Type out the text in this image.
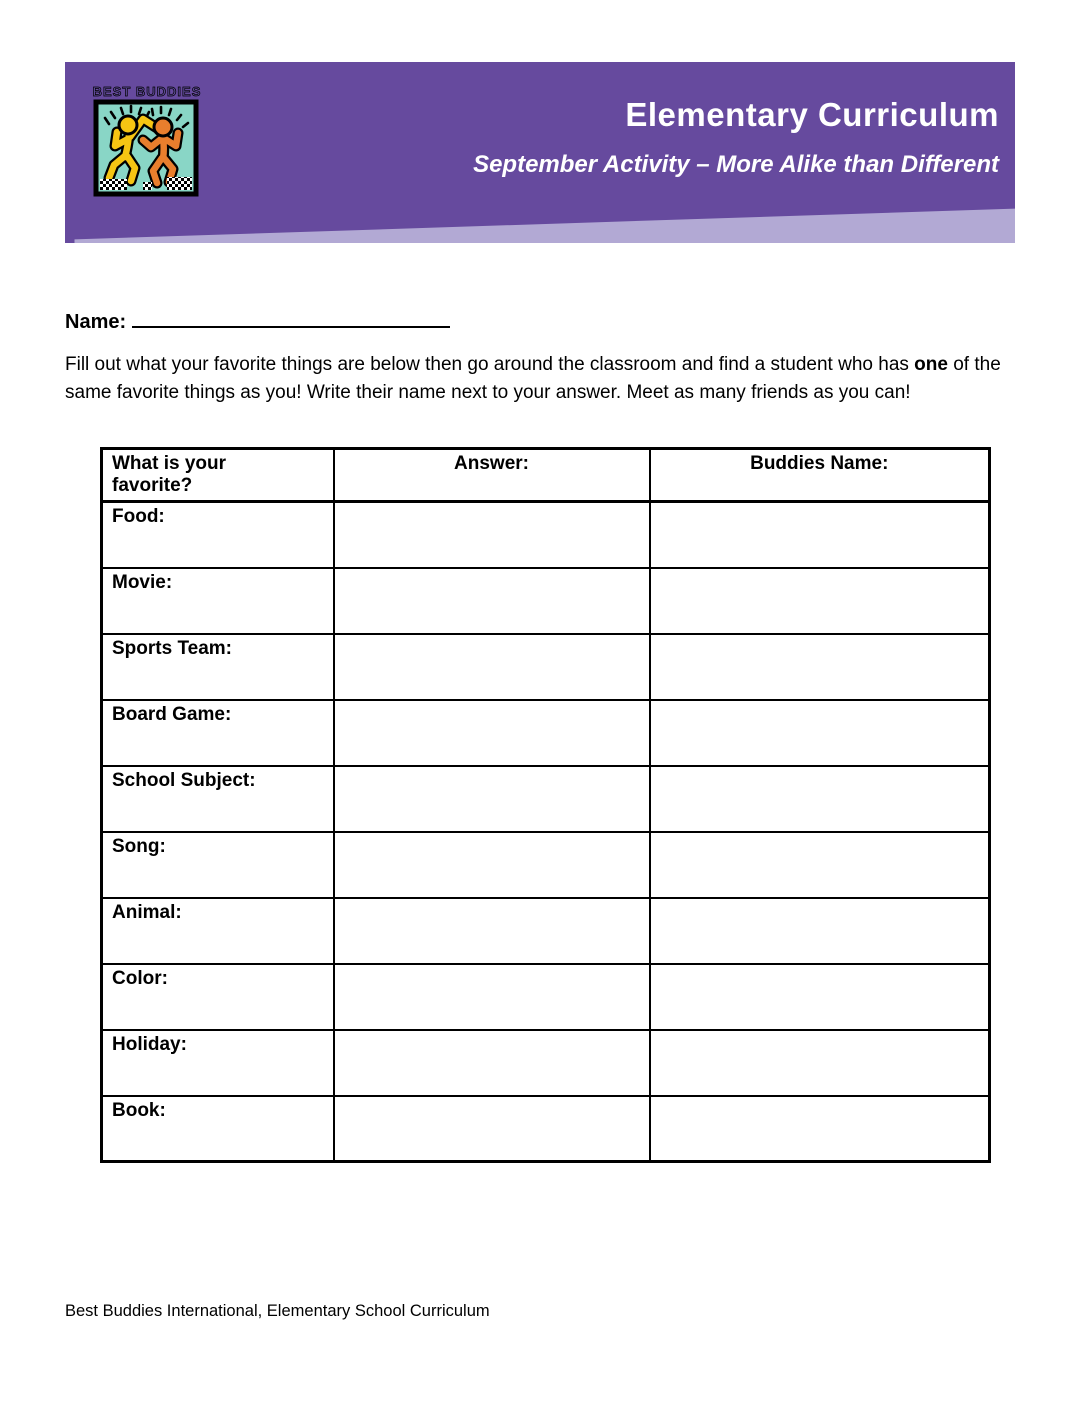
BEST BUDDIES
Elementary Curriculum
September Activity – More Alike than Different
Name:

Fill out what your favorite things are below then go around the classroom and find a student who has one of the same favorite things as you! Write their name next to your answer. Meet as many friends as you can!

What is your favorite?	Answer:	Buddies Name:
Food:		
Movie:		
Sports Team:		
Board Game:		
School Subject:		
Song:		
Animal:		
Color:		
Holiday:		
Book:		
Best Buddies International, Elementary School Curriculum
